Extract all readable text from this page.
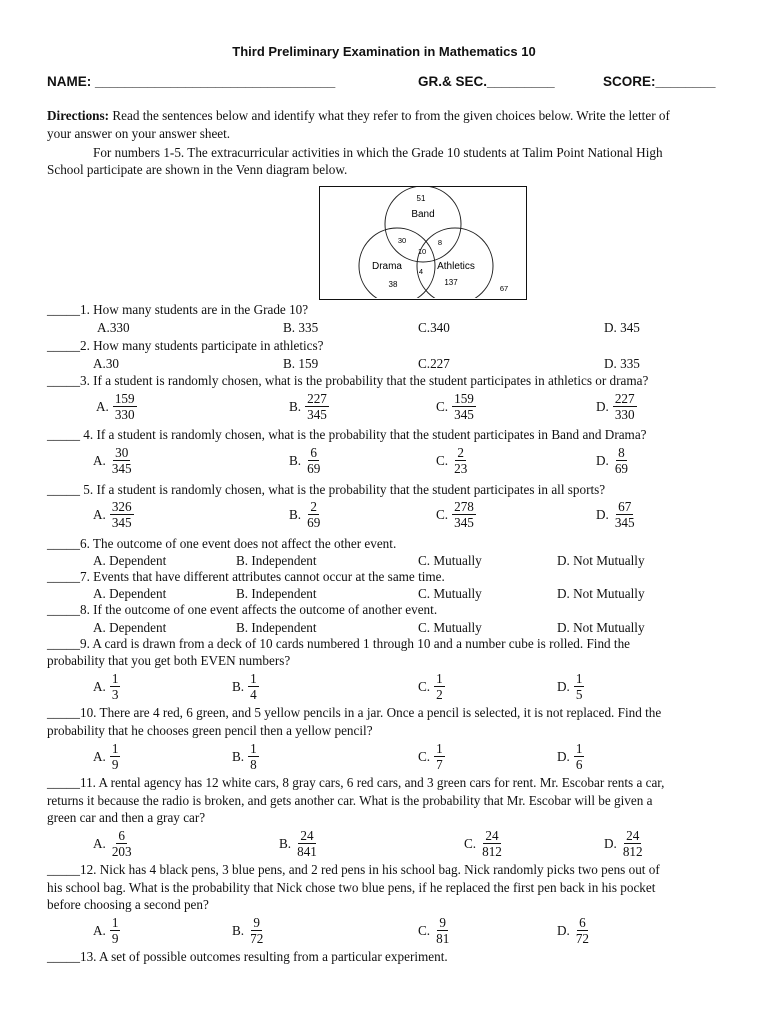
Third Preliminary Examination in Mathematics 10
NAME: ________________________________	GR.& SEC._________	SCORE:________
Directions: Read the sentences below and identify what they refer to from the given choices below. Write the letter of
your answer on your answer sheet.
For numbers 1-5. The extracurricular activities in which the Grade 10 students at Talim Point National High
School participate are shown in the Venn diagram below.
51
Band
30	8
10
Drama 4 Athletics
38	137
67
_____1. How many students are in the Grade 10?
A.330	B. 335	C.340	D. 345
_____2. How many students participate in athletics?
A.30	B. 159	C.227	D. 335
_____3. If a student is randomly chosen, what is the probability that the student participates in athletics or drama?
A. $\frac{159}{330}$	B. $\frac{227}{345}$	C. $\frac{159}{345}$	D. $\frac{227}{330}$
_____ 4. If a student is randomly chosen, what is the probability that the student participates in Band and Drama?
A. $\frac{30}{345}$	B. $\frac{6}{69}$	C. $\frac{2}{23}$	D. $\frac{8}{69}$
_____ 5. If a student is randomly chosen, what is the probability that the student participates in all sports?
A. $\frac{326}{345}$	B. $\frac{2}{69}$	C. $\frac{278}{345}$	D. $\frac{67}{345}$
_____6. The outcome of one event does not affect the other event.
A. Dependent	B. Independent	C. Mutually	D. Not Mutually
_____7. Events that have different attributes cannot occur at the same time.
A. Dependent	B. Independent	C. Mutually	D. Not Mutually
_____8. If the outcome of one event affects the outcome of another event.
A. Dependent	B. Independent	C. Mutually	D. Not Mutually
_____9. A card is drawn from a deck of 10 cards numbered 1 through 10 and a number cube is rolled. Find the
probability that you get both EVEN numbers?
A. $\frac{1}{3}$	B. $\frac{1}{4}$	C. $\frac{1}{2}$	D. $\frac{1}{5}$
_____10. There are 4 red, 6 green, and 5 yellow pencils in a jar. Once a pencil is selected, it is not replaced. Find the
probability that he chooses green pencil then a yellow pencil?
A. $\frac{1}{9}$	B. $\frac{1}{8}$	C. $\frac{1}{7}$	D. $\frac{1}{6}$
_____11. A rental agency has 12 white cars, 8 gray cars, 6 red cars, and 3 green cars for rent. Mr. Escobar rents a car,
returns it because the radio is broken, and gets another car. What is the probability that Mr. Escobar will be given a
green car and then a gray car?
A. $\frac{6}{203}$	B. $\frac{24}{841}$	C. $\frac{24}{812}$	D. $\frac{24}{812}$
_____12. Nick has 4 black pens, 3 blue pens, and 2 red pens in his school bag. Nick randomly picks two pens out of
his school bag. What is the probability that Nick chose two blue pens, if he replaced the first pen back in his pocket
before choosing a second pen?
A. $\frac{1}{9}$	B. $\frac{9}{72}$	C. $\frac{9}{81}$	D. $\frac{6}{72}$
_____13. A set of possible outcomes resulting from a particular experiment.
